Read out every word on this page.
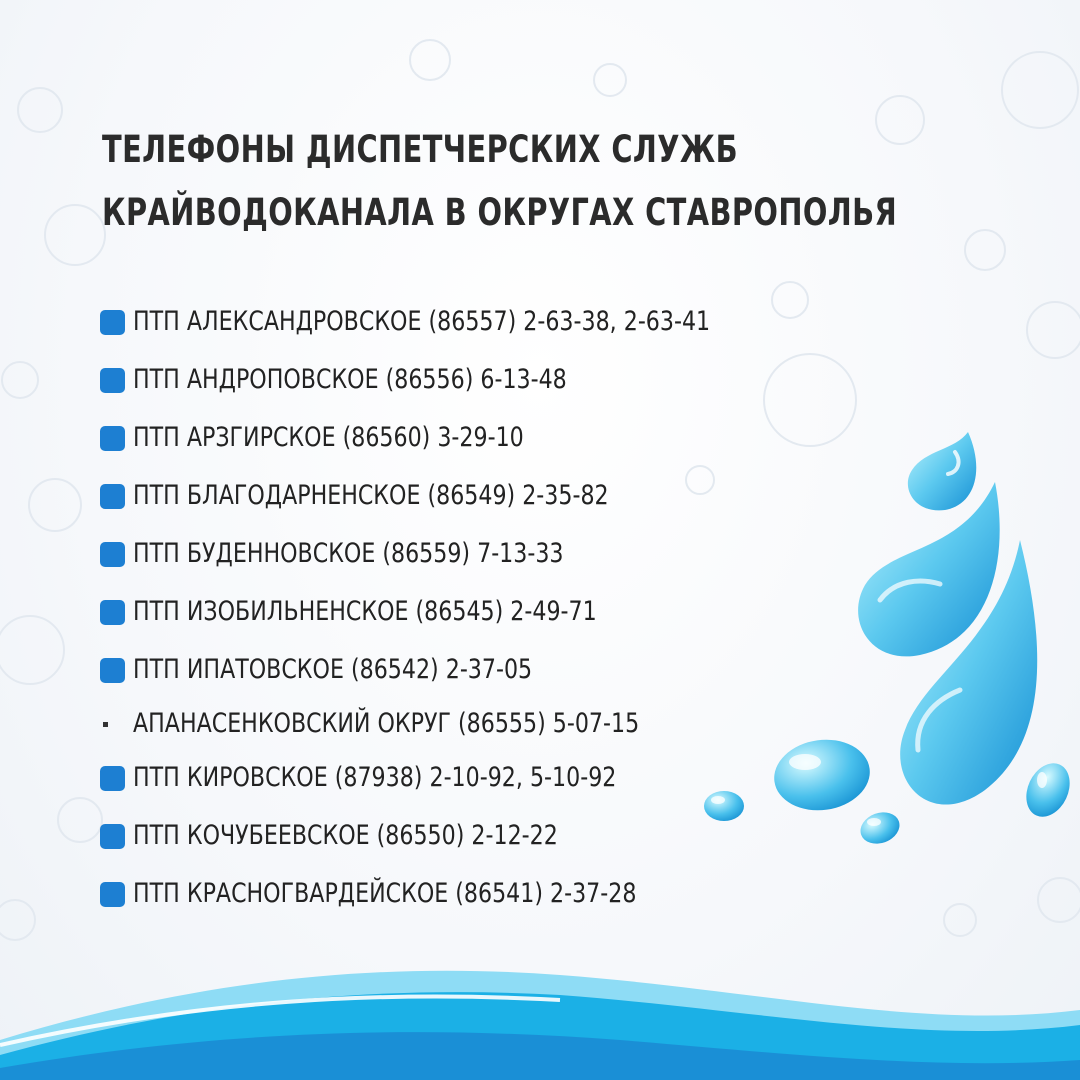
ТЕЛЕФОНЫ ДИСПЕТЧЕРСКИХ СЛУЖБ
КРАЙВОДОКАНАЛА В ОКРУГАХ СТАВРОПОЛЬЯ
ПТП АЛЕКСАНДРОВСКОЕ (86557) 2-63-38, 2-63-41
ПТП АНДРОПОВСКОЕ (86556) 6-13-48
ПТП АРЗГИРСКОЕ (86560) 3-29-10
ПТП БЛАГОДАРНЕНСКОЕ (86549) 2-35-82
ПТП БУДЕННОВСКОЕ (86559) 7-13-33
ПТП ИЗОБИЛЬНЕНСКОЕ (86545) 2-49-71
ПТП ИПАТОВСКОЕ (86542) 2-37-05
АПАНАСЕНКОВСКИЙ ОКРУГ (86555) 5-07-15
ПТП КИРОВСКОЕ (87938) 2-10-92, 5-10-92
ПТП КОЧУБЕЕВСКОЕ (86550) 2-12-22
ПТП КРАСНОГВАРДЕЙСКОЕ (86541) 2-37-28
